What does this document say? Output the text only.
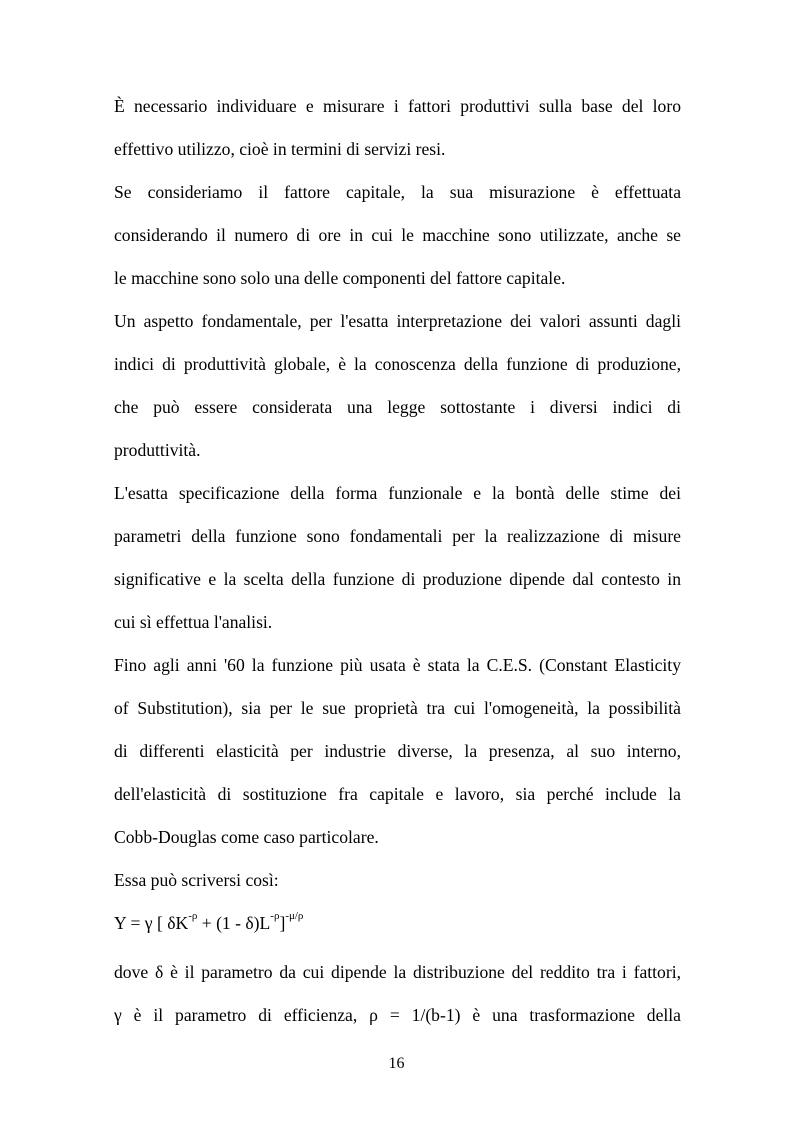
È necessario individuare e misurare i fattori produttivi sulla base del loro
effettivo utilizzo, cioè in termini di servizi resi.
Se consideriamo il fattore capitale, la sua misurazione è effettuata
considerando il numero di ore in cui le macchine sono utilizzate, anche se
le macchine sono solo una delle componenti del fattore capitale.
Un aspetto fondamentale, per l'esatta interpretazione dei valori assunti dagli
indici di produttività globale, è la conoscenza della funzione di produzione,
che può essere considerata una legge sottostante i diversi indici di
produttività.
L'esatta specificazione della forma funzionale e la bontà delle stime dei
parametri della funzione sono fondamentali per la realizzazione di misure
significative e la scelta della funzione di produzione dipende dal contesto in
cui sì effettua l'analisi.
Fino agli anni '60 la funzione più usata è stata la C.E.S. (Constant Elasticity
of Substitution), sia per le sue proprietà tra cui l'omogeneità, la possibilità
di differenti elasticità per industrie diverse, la presenza, al suo interno,
dell'elasticità di sostituzione fra capitale e lavoro, sia perché include la
Cobb-Douglas come caso particolare.
Essa può scriversi così:
Y = γ [ $\delta K^{-\rho} + (1 - \delta)L^{-\rho}]^{-\mu/\rho}$
dove δ è il parametro da cui dipende la distribuzione del reddito tra i fattori,
γ è il parametro di efficienza, ρ = 1/(b-1) è una trasformazione della
16
